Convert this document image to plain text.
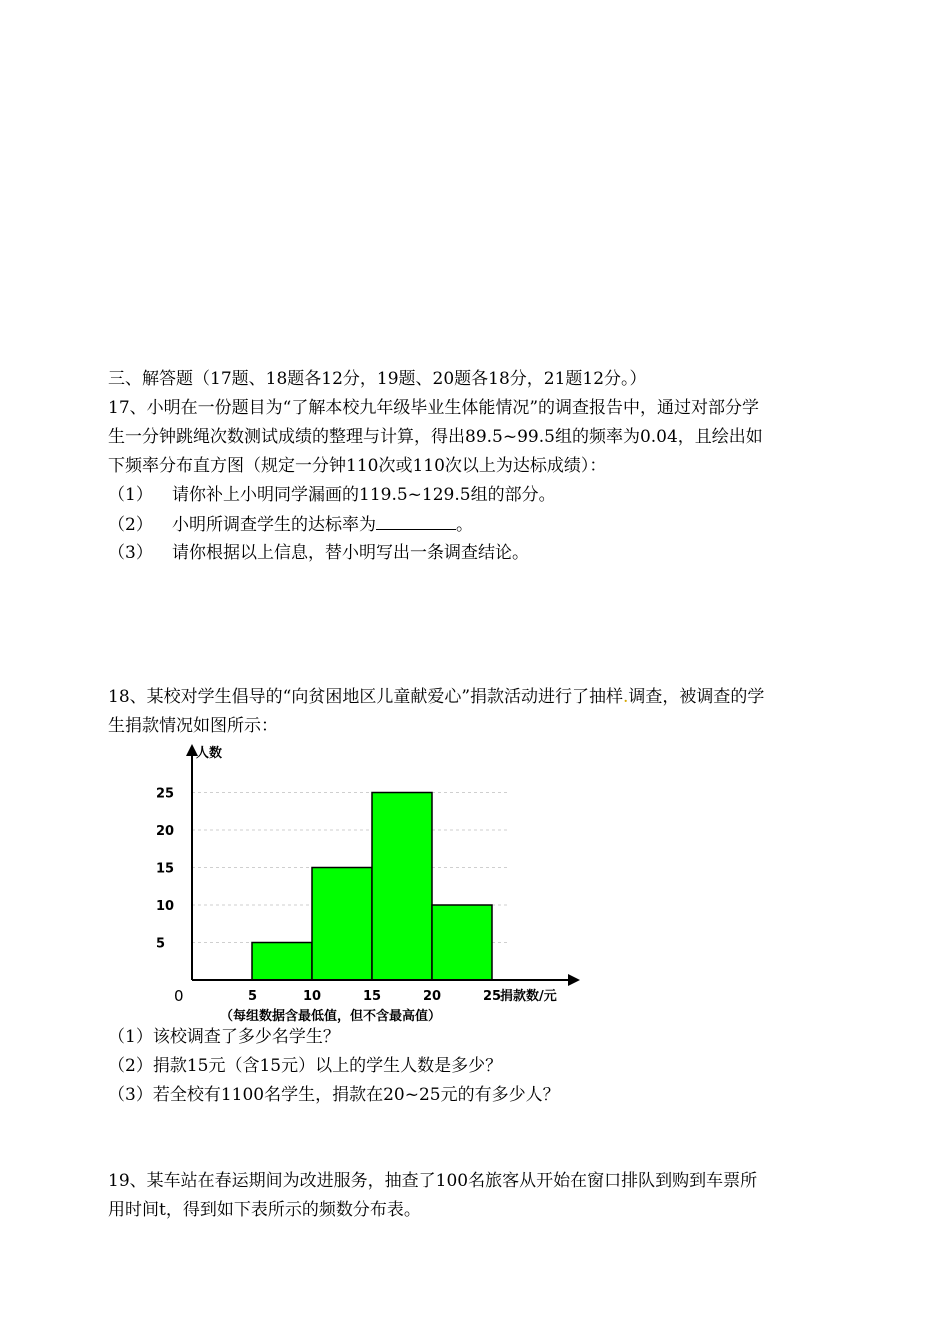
三、解答题（17题、18题各12分，19题、20题各18分，21题12分。）
17、小明在一份题目为“了解本校九年级毕业生体能情况”的调查报告中，通过对部分学
生一分钟跳绳次数测试成绩的整理与计算，得出89.5~99.5组的频率为0.04，且绘出如
下频率分布直方图（规定一分钟110次或110次以上为达标成绩）：
（1） 请你补上小明同学漏画的119.5~129.5组的部分。
（2） 小明所调查学生的达标率为	。
（3） 请你根据以上信息，替小明写出一条调查结论。
18、某校对学生倡导的“向贫困地区儿童献爱心”捐款活动进行了抽样.调查，被调查的学
生捐款情况如图所示：
5
10
15
20
25
5	10	15	20	25
人数
捐款数/元
0
（每组数据含最低值，但不含最高值）
（1）该校调查了多少名学生？
（2）捐款15元（含15元）以上的学生人数是多少？
（3）若全校有1100名学生，捐款在20~25元的有多少人？
19、某车站在春运期间为改进服务，抽查了100名旅客从开始在窗口排队到购到车票所
用时间t，得到如下表所示的频数分布表。
